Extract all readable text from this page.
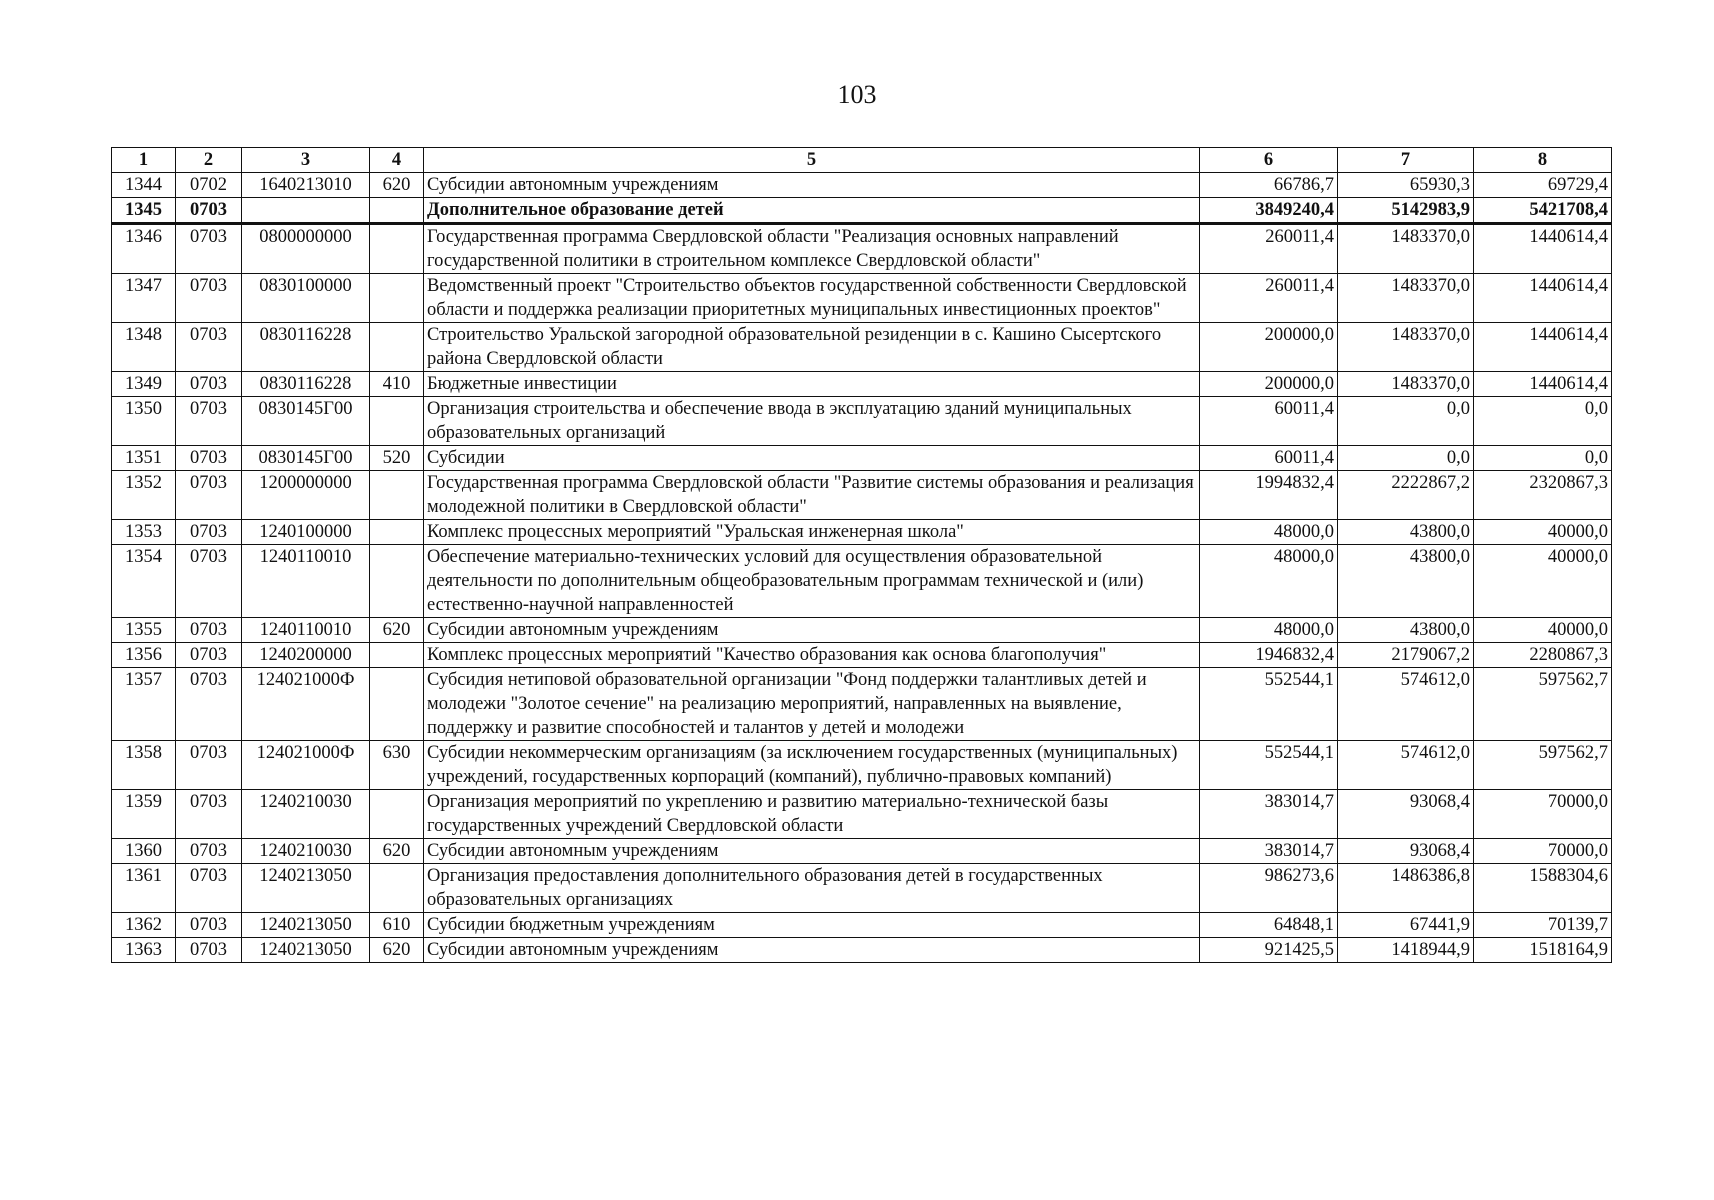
103
1	2	3	4	5	6	7	8
1344	0702	1640213010	620	Субсидии автономным учреждениям	66786,7	65930,3	69729,4
1345	0703			Дополнительное образование детей	3849240,4	5142983,9	5421708,4
1346	0703	0800000000		Государственная программа Свердловской области "Реализация основных направлений государственной политики в строительном комплексе Свердловской области"	260011,4	1483370,0	1440614,4
1347	0703	0830100000		Ведомственный проект "Строительство объектов государственной собственности Свердловской области и поддержка реализации приоритетных муниципальных инвестиционных проектов"	260011,4	1483370,0	1440614,4
1348	0703	0830116228		Строительство Уральской загородной образовательной резиденции в с. Кашино Сысертского района Свердловской области	200000,0	1483370,0	1440614,4
1349	0703	0830116228	410	Бюджетные инвестиции	200000,0	1483370,0	1440614,4
1350	0703	0830145Г00		Организация строительства и обеспечение ввода в эксплуатацию зданий муниципальных образовательных организаций	60011,4	0,0	0,0
1351	0703	0830145Г00	520	Субсидии	60011,4	0,0	0,0
1352	0703	1200000000		Государственная программа Свердловской области "Развитие системы образования и реализация молодежной политики в Свердловской области"	1994832,4	2222867,2	2320867,3
1353	0703	1240100000		Комплекс процессных мероприятий "Уральская инженерная школа"	48000,0	43800,0	40000,0
1354	0703	1240110010		Обеспечение материально-технических условий для осуществления образовательной деятельности по дополнительным общеобразовательным программам технической и (или) естественно-научной направленностей	48000,0	43800,0	40000,0
1355	0703	1240110010	620	Субсидии автономным учреждениям	48000,0	43800,0	40000,0
1356	0703	1240200000		Комплекс процессных мероприятий "Качество образования как основа благополучия"	1946832,4	2179067,2	2280867,3
1357	0703	124021000Ф		Субсидия нетиповой образовательной организации "Фонд поддержки талантливых детей и молодежи "Золотое сечение" на реализацию мероприятий, направленных на выявление, поддержку и развитие способностей и талантов у детей и молодежи	552544,1	574612,0	597562,7
1358	0703	124021000Ф	630	Субсидии некоммерческим организациям (за исключением государственных (муниципальных) учреждений, государственных корпораций (компаний), публично-правовых компаний)	552544,1	574612,0	597562,7
1359	0703	1240210030		Организация мероприятий по укреплению и развитию материально-технической базы государственных учреждений Свердловской области	383014,7	93068,4	70000,0
1360	0703	1240210030	620	Субсидии автономным учреждениям	383014,7	93068,4	70000,0
1361	0703	1240213050		Организация предоставления дополнительного образования детей в государственных образовательных организациях	986273,6	1486386,8	1588304,6
1362	0703	1240213050	610	Субсидии бюджетным учреждениям	64848,1	67441,9	70139,7
1363	0703	1240213050	620	Субсидии автономным учреждениям	921425,5	1418944,9	1518164,9
